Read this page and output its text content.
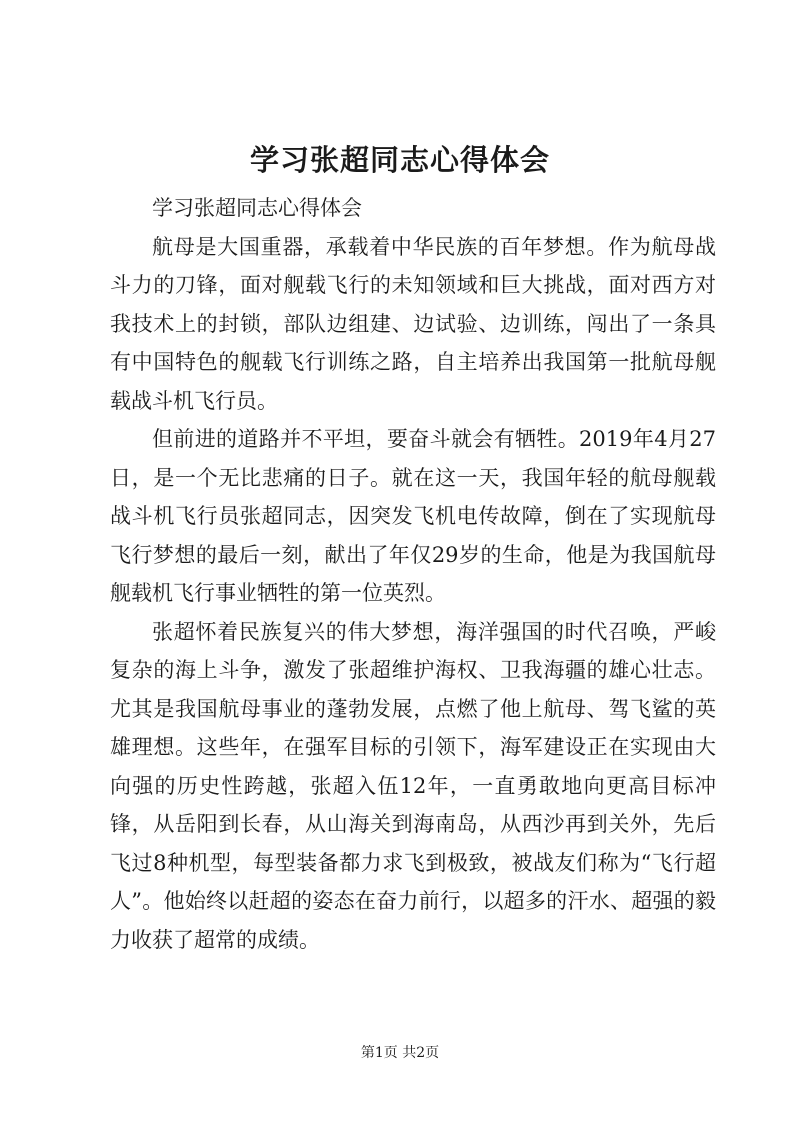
学习张超同志心得体会

学习张超同志心得体会

航母是大国重器，承载着中华民族的百年梦想。作为航母战斗力的刀锋，面对舰载飞行的未知领域和巨大挑战，面对西方对我技术上的封锁，部队边组建、边试验、边训练，闯出了一条具有中国特色的舰载飞行训练之路，自主培养出我国第一批航母舰载战斗机飞行员。

但前进的道路并不平坦，要奋斗就会有牺牲。2019年4月27日，是一个无比悲痛的日子。就在这一天，我国年轻的航母舰载战斗机飞行员张超同志，因突发飞机电传故障，倒在了实现航母飞行梦想的最后一刻，献出了年仅29岁的生命，他是为我国航母舰载机飞行事业牺牲的第一位英烈。

张超怀着民族复兴的伟大梦想，海洋强国的时代召唤，严峻复杂的海上斗争，激发了张超维护海权、卫我海疆的雄心壮志。尤其是我国航母事业的蓬勃发展，点燃了他上航母、驾飞鲨的英雄理想。这些年，在强军目标的引领下，海军建设正在实现由大向强的历史性跨越，张超入伍12年，一直勇敢地向更高目标冲锋，从岳阳到长春，从山海关到海南岛，从西沙再到关外，先后飞过8种机型，每型装备都力求飞到极致，被战友们称为“飞行超人”。他始终以赶超的姿态在奋力前行，以超多的汗水、超强的毅力收获了超常的成绩。

第1页 共2页
